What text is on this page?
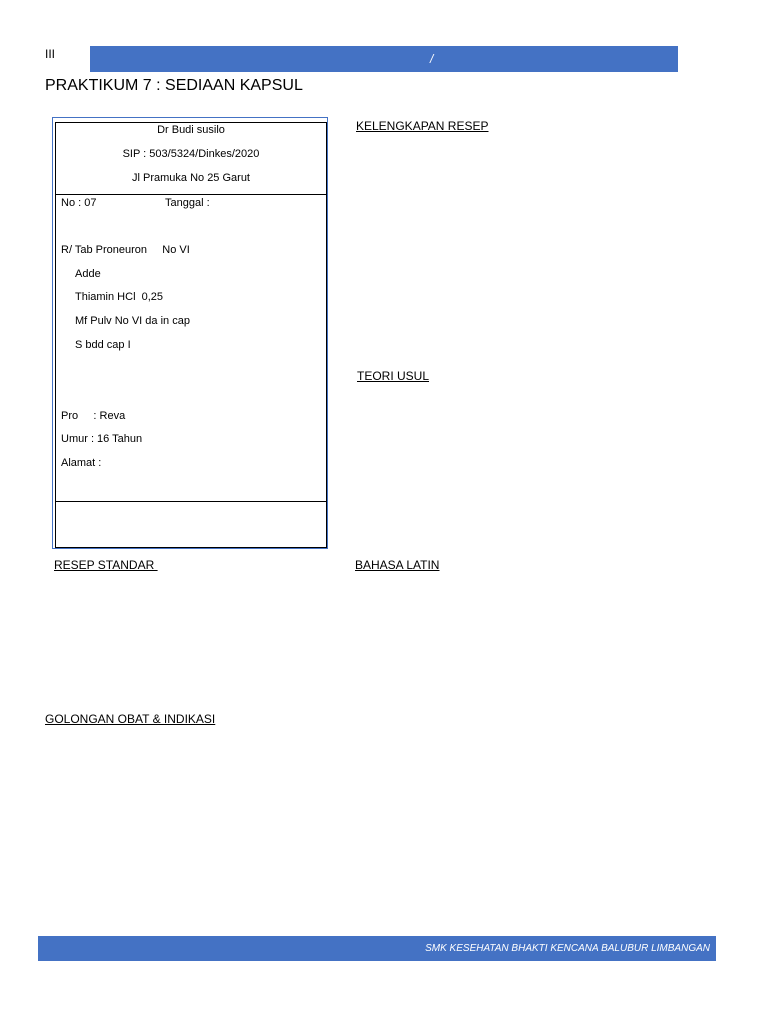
III	/
PRAKTIKUM 7 : SEDIAAN KAPSUL
Dr Budi susilo
SIP : 503/5324/Dinkes/2020
Jl Pramuka No 25 Garut
No : 07	Tanggal :
R/ Tab Proneuron     No VI
Adde
Thiamin HCl  0,25
Mf Pulv No VI da in cap
S bdd cap I
Pro     : Reva
Umur : 16 Tahun
Alamat :
KELENGKAPAN RESEP
TEORI USUL
RESEP STANDAR	BAHASA LATIN
GOLONGAN OBAT & INDIKASI
SMK KESEHATAN BHAKTI KENCANA BALUBUR LIMBANGAN
